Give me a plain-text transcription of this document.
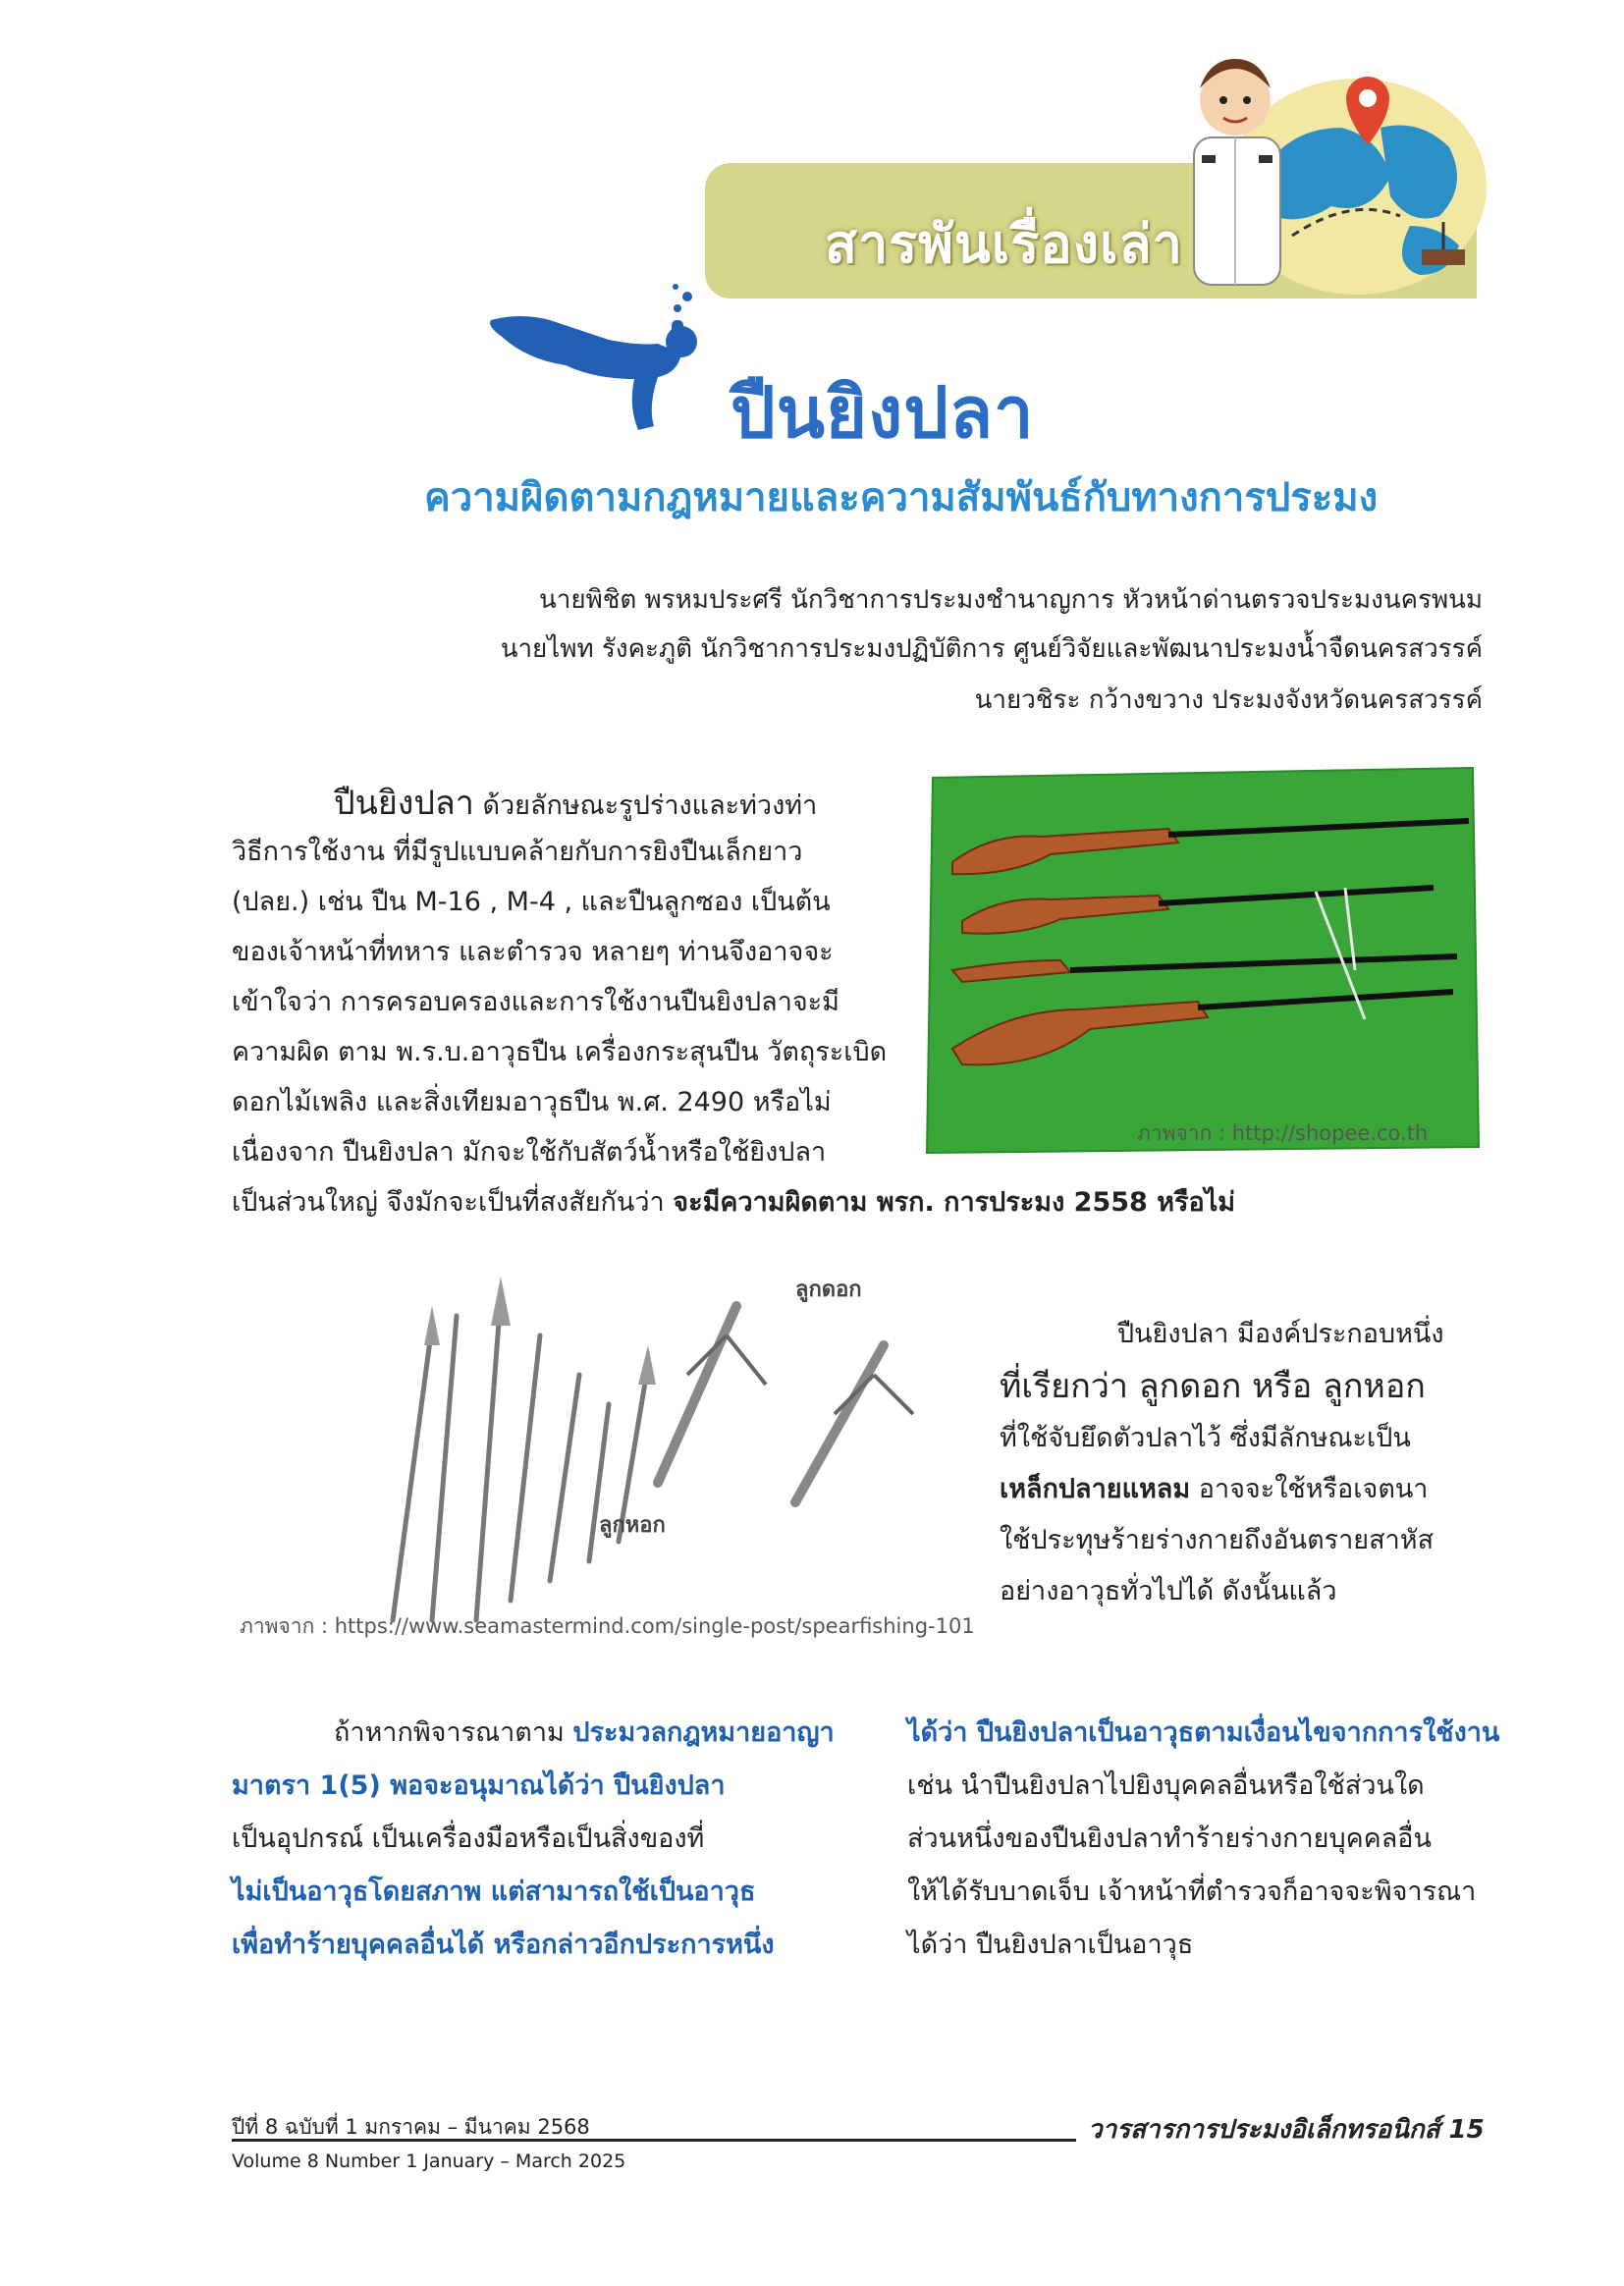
สารพันเรื่องเล่า
ปืนยิงปลา
ความผิดตามกฎหมายและความสัมพันธ์กับทางการประมง
นายพิชิต พรหมประศรี นักวิชาการประมงชำนาญการ หัวหน้าด่านตรวจประมงนครพนม
นายไพท รังคะภูติ นักวิชาการประมงปฏิบัติการ ศูนย์วิจัยและพัฒนาประมงน้ำจืดนครสวรรค์
นายวชิระ กว้างขวาง ประมงจังหวัดนครสวรรค์
ปืนยิงปลา ด้วยลักษณะรูปร่างและท่วงท่า
วิธีการใช้งาน ที่มีรูปแบบคล้ายกับการยิงปืนเล็กยาว
(ปลย.) เช่น ปืน M-16 , M-4 , และปืนลูกซอง เป็นต้น
ของเจ้าหน้าที่ทหาร และตำรวจ หลายๆ ท่านจึงอาจจะ
เข้าใจว่า การครอบครองและการใช้งานปืนยิงปลาจะมี
ความผิด ตาม พ.ร.บ.อาวุธปืน เครื่องกระสุนปืน วัตถุระเบิด
ดอกไม้เพลิง และสิ่งเทียมอาวุธปืน พ.ศ. 2490 หรือไม่
เนื่องจาก ปืนยิงปลา มักจะใช้กับสัตว์น้ำหรือใช้ยิงปลา
เป็นส่วนใหญ่ จึงมักจะเป็นที่สงสัยกันว่า จะมีความผิดตาม พรก. การประมง 2558 หรือไม่
ภาพจาก : http://shopee.co.th
ลูกดอก
ลูกหอก
ภาพจาก : https://www.seamastermind.com/single-post/spearfishing-101
ปืนยิงปลา มีองค์ประกอบหนึ่ง
ที่เรียกว่า ลูกดอก หรือ ลูกหอก
ที่ใช้จับยึดตัวปลาไว้ ซึ่งมีลักษณะเป็น
เหล็กปลายแหลม อาจจะใช้หรือเจตนา
ใช้ประทุษร้ายร่างกายถึงอันตรายสาหัส
อย่างอาวุธทั่วไปได้ ดังนั้นแล้ว
ถ้าหากพิจารณาตาม ประมวลกฎหมายอาญา
มาตรา 1(5) พอจะอนุมาณได้ว่า ปืนยิงปลา
เป็นอุปกรณ์ เป็นเครื่องมือหรือเป็นสิ่งของที่
ไม่เป็นอาวุธโดยสภาพ แต่สามารถใช้เป็นอาวุธ
เพื่อทำร้ายบุคคลอื่นได้ หรือกล่าวอีกประการหนึ่ง
ได้ว่า ปืนยิงปลาเป็นอาวุธตามเงื่อนไขจากการใช้งาน
เช่น นำปืนยิงปลาไปยิงบุคคลอื่นหรือใช้ส่วนใด
ส่วนหนึ่งของปืนยิงปลาทำร้ายร่างกายบุคคลอื่น
ให้ได้รับบาดเจ็บ เจ้าหน้าที่ตำรวจก็อาจจะพิจารณา
ได้ว่า ปืนยิงปลาเป็นอาวุธ
ปีที่ 8 ฉบับที่ 1 มกราคม – มีนาคม 2568	วารสารการประมงอิเล็กทรอนิกส์ 15
Volume 8 Number 1 January – March 2025
